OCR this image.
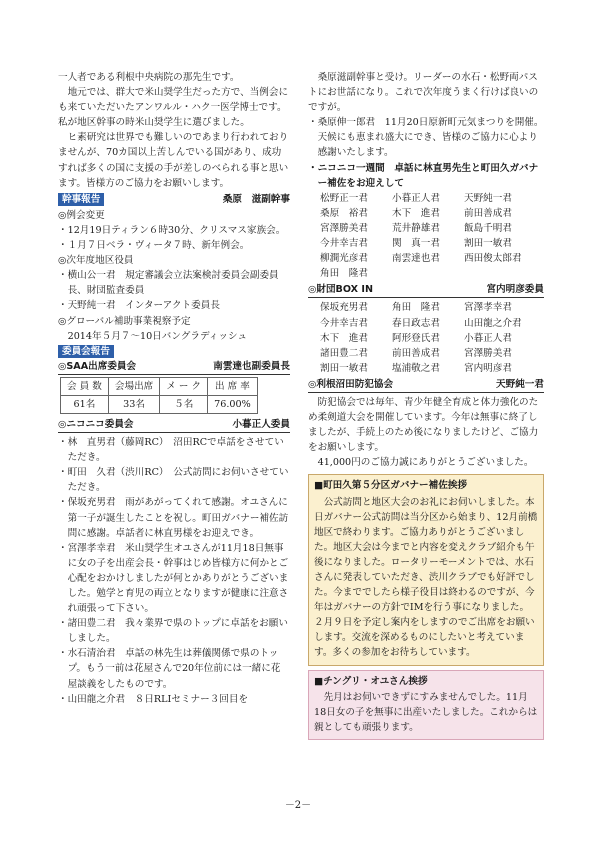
一人者である利根中央病院の那先生です。

地元では、群大で米山奨学生だった方で、当例会にも来ていただいたアンワルル・ハク一医学博士です。私が地区幹事の時米山奨学生に選びました。

ヒ素研究は世界でも難しいのであまり行われておりませんが、70カ国以上苦しんでいる国があり、成功すれば多くの国に支援の手が差しのべられる事と思います。皆様方のご協力をお願いします。

幹事報告	桑原　滋副幹事

◎例会変更

・12月19日ティラン６時30分、クリスマス家族会。

・１月７日ベラ・ヴィータ７時、新年例会。

◎次年度地区役員

・横山公一君　規定審議会立法案検討委員会副委員長、財団監査委員

・天野純一君　インターアクト委員長

◎グローバル補助事業視察予定

2014年５月７～10日バングラディッシュ

委員会報告
◎SAA出席委員会	南雲達也副委員長
会 員 数	会場出席	メ ー ク	出 席 率
61名	33名	５名	76.00%
◎ニコニコ委員会	小暮正人委員

・林　直男君（藤岡RC）　沼田RCで卓話をさせていただき。

・町田　久君（渋川RC）　公式訪問にお伺いさせていただき。

・保坂充男君　雨があがってくれて感謝。オユさんに第一子が誕生したことを祝し。町田ガバナー補佐訪問に感謝。卓話者に林直男様をお迎えでき。

・宮澤孝幸君　米山奨学生オユさんが11月18日無事に女の子を出産会長・幹事はじめ皆様方に何かとご心配をおかけしましたが何とかありがとうございました。勉学と育児の両立となりますが健康に注意され頑張って下さい。

・諸田豊二君　我々業界で県のトップに卓話をお願いしました。

・水石清治君　卓話の林先生は葬儀関係で県のトップ。もう一前は花屋さんで20年位前には一緒に花屋談義をしたものです。

・山田龍之介君　８日RLIセミナー３回目を

桑原滋副幹事と受け。リーダーの水石・松野両パストにお世話になり。これで次年度うまく行けば良いのですが。

・桑原伸一郎君　11月20日原新町元気まつりを開催。天候にも恵まれ盛大にでき、皆様のご協力に心より感謝いたします。

・ニコニコ一週間　卓話に林直男先生と町田久ガバナー補佐をお迎えして
松野正一君	小暮正人君	天野純一君
桑原　裕君	木下　進君	前田善成君
宮澤勝美君	荒井静雄君	飯島千明君
今井幸吉君	関　真一君	割田一敏君
柳澗光彦君	南雲達也君	西田俊太郎君
角田　隆君		
◎財団BOX IN	宮内明彦委員
保坂充男君	角田　隆君	宮澤孝幸君
今井幸吉君	春日政志君	山田龍之介君
木下　進君	阿形登氏君	小暮正人君
諸田豊二君	前田善成君	宮澤勝美君
割田一敏君	塩浦敬之君	宮内明彦君
◎利根沼田防犯協会	天野純一君

防犯協会では毎年、青少年健全育成と体力強化のため柔剣道大会を開催しています。今年は無事に終了しましたが、手続上のため後になりましたけど、ご協力をお願いします。

41,000円のご協力誠にありがとうございました。

■町田久第５分区ガバナー補佐挨拶

公式訪問と地区大会のお礼にお伺いしました。本日ガバナー公式訪問は当分区から始まり、12月前橋地区で終わります。ご協力ありがとうございました。地区大会は今までと内容を変えクラブ紹介も午後になりました。ロータリーモーメントでは、水石さんに発表していただき、渋川クラブでも好評でした。今まででしたら様子役目は終わるのですが、今年はガバナーの方針でIMを行う事になりました。２月９日を予定し案内をしますのでご出席をお願いします。交流を深めるものにしたいと考えています。多くの参加をお待ちしています。

■チングリ・オユさん挨拶

先月はお伺いできずにすみませんでした。11月18日女の子を無事に出産いたしました。これからは親としても頑張ります。

－2－
